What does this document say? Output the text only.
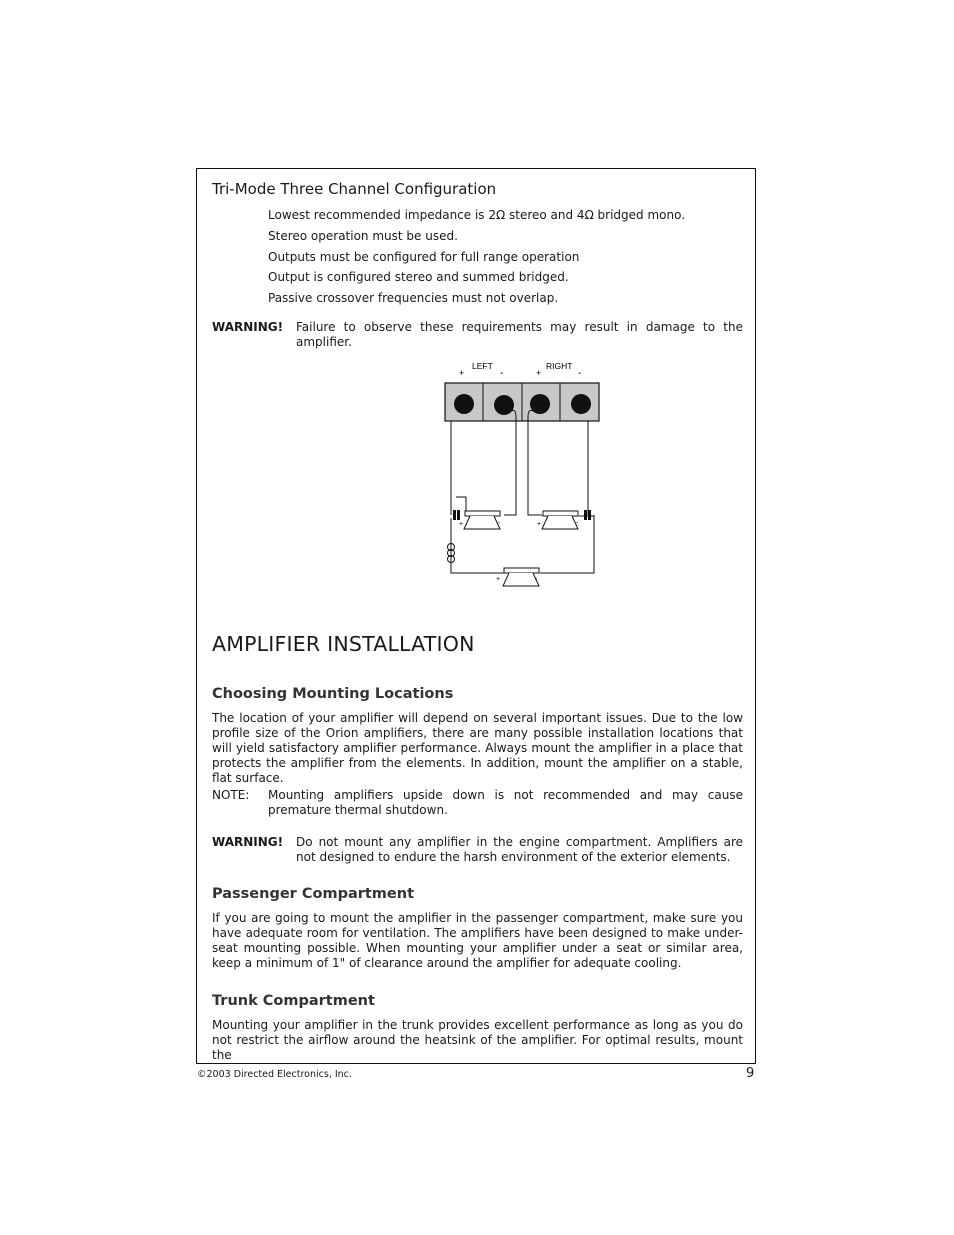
Tri-Mode Three Channel Configuration
Lowest recommended impedance is 2Ω stereo and 4Ω bridged mono.
Stereo operation must be used.
Outputs must be configured for full range operation
Output is configured stereo and summed bridged.
Passive crossover frequencies must not overlap.
WARNING! Failure to observe these requirements may result in damage to the amplifier.
LEFT	RIGHT
+	-	+	-
+	-	+	-
+	-
AMPLIFIER INSTALLATION
Choosing Mounting Locations

The location of your amplifier will depend on several important issues. Due to the low profile size of the Orion amplifiers, there are many possible installation locations that will yield satisfactory amplifier performance. Always mount the amplifier in a place that protects the amplifier from the elements. In addition, mount the amplifier on a stable, flat surface.

NOTE: Mounting amplifiers upside down is not recommended and may cause premature thermal shutdown.
WARNING! Do not mount any amplifier in the engine compartment. Amplifiers are not designed to endure the harsh environment of the exterior elements.
Passenger Compartment

If you are going to mount the amplifier in the passenger compartment, make sure you have adequate room for ventilation. The amplifiers have been designed to make under-seat mounting possible. When mounting your amplifier under a seat or similar area, keep a minimum of 1" of clearance around the amplifier for adequate cooling.

Trunk Compartment

Mounting your amplifier in the trunk provides excellent performance as long as you do not restrict the airflow around the heatsink of the amplifier. For optimal results, mount the

©2003 Directed Electronics, Inc.	9
